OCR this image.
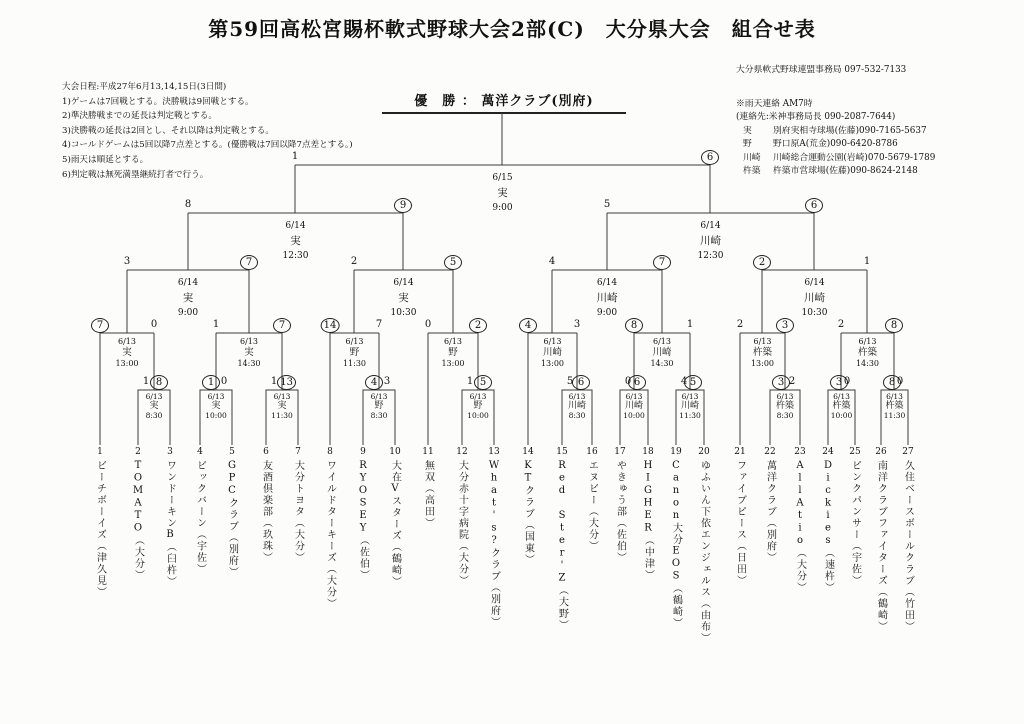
第59回高松宮賜杯軟式野球大会2部(C)　大分県大会　組合せ表
大会日程:平成27年6月13,14,15日(3日間)
1)ゲームは7回戦とする。決勝戦は9回戦とする。
2)準決勝戦までの延長は判定戦とする。
3)決勝戦の延長は2回とし、それ以降は判定戦とする。
4)コールドゲームは5回以降7点差とする。(優勝戦は7回以降7点差とする。)
5)雨天は順延とする。
6)判定戦は無死満塁継続打者で行う。
大分県軟式野球連盟事務局 097-532-7133
※雨天連絡 AM7時
(連絡先:米神事務局長 090-2087-7644)
実	別府実相寺球場(佐藤)090-7165-5637
野	野口原A(荒金)090-6420-8786
川崎	川崎総合運動公園(岩崎)070-5679-1789
杵築	杵築市営球場(佐藤)090-8624-2148
優　勝 ： 萬洋クラブ(別府)
1	6
6/15
実
9:00
8	9
6/14
実
12:30
5	6
6/14
川崎
12:30
3	7
6/14
実
9:00
2	5
6/14
実
10:30
4	7
6/14
川崎
9:00
2	1
6/14
川崎
10:30
7	0
6/13
実
13:00
1	7
6/13
実
14:30
14	7
6/13
野
11:30
0	2
6/13
野
13:00
4	3
6/13
川崎
13:00
8	1
6/13
川崎
14:30
2	3
6/13
杵築
13:00
2	8
6/13
杵築
14:30
1 8
6/13
実
8:30
1 0
6/13
実
10:00
1 13
6/13
実
11:30
4 3
6/13
野
8:30
1 5
6/13
野
10:00
5 6
6/13
川崎
8:30
0 6
6/13
川崎
10:00
4 5
6/13
川崎
11:30
3 2
6/13
杵築
8:30
3 0
6/13
杵築
10:00
8 0
6/13
杵築
11:30
1
ビーチボーイズ︵津久見︶
2
TOMATO︵大分︶
3
ワンドーキンB︵臼杵︶
4
ビックバーン︵宇佐︶
5
GPCクラブ︵別府︶
6
友酒倶楽部︵玖珠︶
7
大分トヨタ︵大分︶
8
ワイルドターキーズ︵大分︶
9
RYOSEY︵佐伯︶
10
大在Vスターズ︵鶴崎︶
11
無双︵高田︶
12
大分赤十字病院︵大分︶
13
What's?クラブ︵別府︶
14
KTクラブ︵国東︶
15
Red Ster'Z︵大野︶
16
エヌビー︵大分︶
17
やきゅう部︵佐伯︶
18
HIGHER︵中津︶
19
Canon大分EOS︵鶴崎︶
20
ゆふいん下依エンジェルス︵由布︶
21
ファイブピース︵日田︶
22
萬洋クラブ︵別府︶
23
AllAtio︵大分︶
24
Dickies︵速杵︶
25
ピンクパンサー︵宇佐︶
26
南洋クラブファイターズ︵鶴崎︶
27
久住ベースボールクラブ︵竹田︶
